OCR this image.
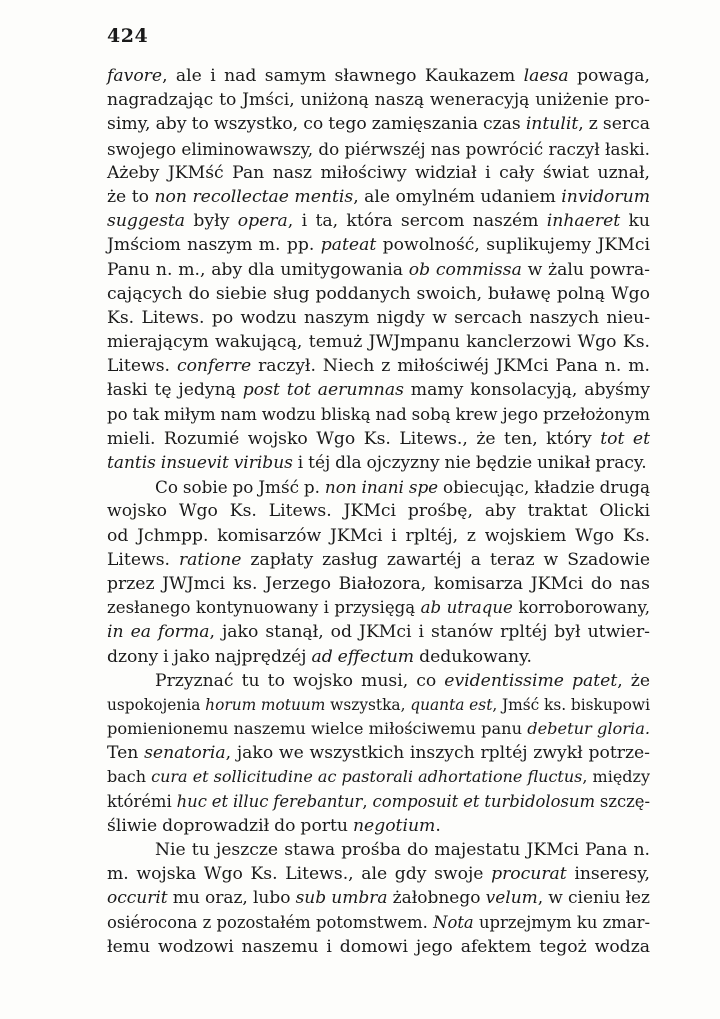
424
favore, ale i nad samym sławnego Kaukazem laesa powaga,
nagradzając to Jmści, uniżoną naszą weneracyją uniżenie pro-
simy, aby to wszystko, co tego zamięszania czas intulit, z serca
swojego eliminowawszy, do piérwszéj nas powrócić raczył łaski.
Ażeby JKMść Pan nasz miłościwy widział i cały świat uznał,
że to non recollectae mentis, ale omylném udaniem invidorum
suggesta były opera, i ta, która sercom naszém inhaeret ku
Jmściom naszym m. pp. pateat powolność, suplikujemy JKMci
Panu n. m., aby dla umitygowania ob commissa w żalu powra-
cających do siebie sług poddanych swoich, buławę polną Wgo
Ks. Litews. po wodzu naszym nigdy w sercach naszych nieu-
mierającym wakującą, temuż JWJmpanu kanclerzowi Wgo Ks.
Litews. conferre raczył. Niech z miłościwéj JKMci Pana n. m.
łaski tę jedyną post tot aerumnas mamy konsolacyją, abyśmy
po tak miłym nam wodzu bliską nad sobą krew jego przełożonym
mieli. Rozumié wojsko Wgo Ks. Litews., że ten, który tot et
tantis insuevit viribus i téj dla ojczyzny nie będzie unikał pracy.
Co sobie po Jmść p. non inani spe obiecując, kładzie drugą
wojsko Wgo Ks. Litews. JKMci prośbę, aby traktat Olicki
od Jchmpp. komisarzów JKMci i rpltéj, z wojskiem Wgo Ks.
Litews. ratione zapłaty zasług zawartéj a teraz w Szadowie
przez JWJmci ks. Jerzego Białozora, komisarza JKMci do nas
zesłanego kontynuowany i przysięgą ab utraque korroborowany,
in ea forma, jako stanął, od JKMci i stanów rpltéj był utwier-
dzony i jako najprędzéj ad effectum dedukowany.
Przyznać tu to wojsko musi, co evidentissime patet, że
uspokojenia horum motuum wszystka, quanta est, Jmść ks. biskupowi
pomienionemu naszemu wielce miłościwemu panu debetur gloria.
Ten senatoria, jako we wszystkich inszych rpltéj zwykł potrze-
bach cura et sollicitudine ac pastorali adhortatione fluctus, między
którémi huc et illuc ferebantur, composuit et turbidolosum szczę-
śliwie doprowadził do portu negotium.
Nie tu jeszcze stawa prośba do majestatu JKMci Pana n.
m. wojska Wgo Ks. Litews., ale gdy swoje procurat inseresy,
occurit mu oraz, lubo sub umbra żałobnego velum, w cieniu łez
osiérocona z pozostałém potomstwem. Nota uprzejmym ku zmar-
łemu wodzowi naszemu i domowi jego afektem tegoż wodza
